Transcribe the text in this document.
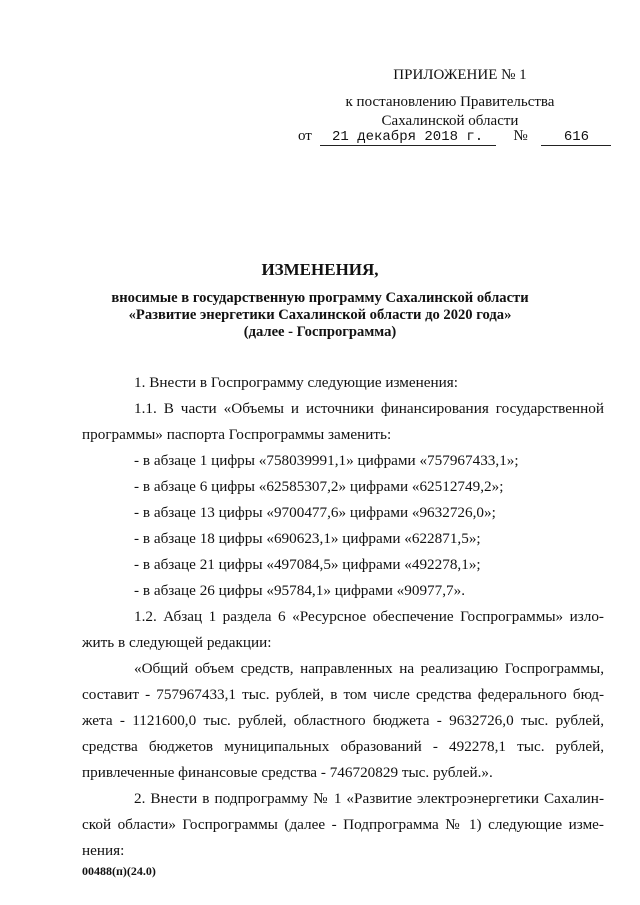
ПРИЛОЖЕНИЕ № 1
к постановлению Правительства
Сахалинской области
от 21 декабря 2018 г. №	616
ИЗМЕНЕНИЯ,
вносимые в государственную программу Сахалинской области
«Развитие энергетики Сахалинской области до 2020 года»
(далее - Госпрограмма)
1. Внести в Госпрограмму следующие изменения:
1.1. В части «Объемы и источники финансирования государственной
программы» паспорта Госпрограммы заменить:
- в абзаце 1 цифры «758039991,1» цифрами «757967433,1»;
- в абзаце 6 цифры «62585307,2» цифрами «62512749,2»;
- в абзаце 13 цифры «9700477,6» цифрами «9632726,0»;
- в абзаце 18 цифры «690623,1» цифрами «622871,5»;
- в абзаце 21 цифры «497084,5» цифрами «492278,1»;
- в абзаце 26 цифры «95784,1» цифрами «90977,7».
1.2. Абзац 1 раздела 6 «Ресурсное обеспечение Госпрограммы» изло-
жить в следующей редакции:
«Общий объем средств, направленных на реализацию Госпрограммы,
составит - 757967433,1 тыс. рублей, в том числе средства федерального бюд-
жета - 1121600,0 тыс. рублей, областного бюджета - 9632726,0 тыс. рублей,
средства бюджетов муниципальных образований - 492278,1 тыс. рублей,
привлеченные финансовые средства - 746720829 тыс. рублей.».
2. Внести в подпрограмму № 1 «Развитие электроэнергетики Сахалин-
ской области» Госпрограммы (далее - Подпрограмма № 1) следующие изме-
нения:
00488(п)(24.0)
